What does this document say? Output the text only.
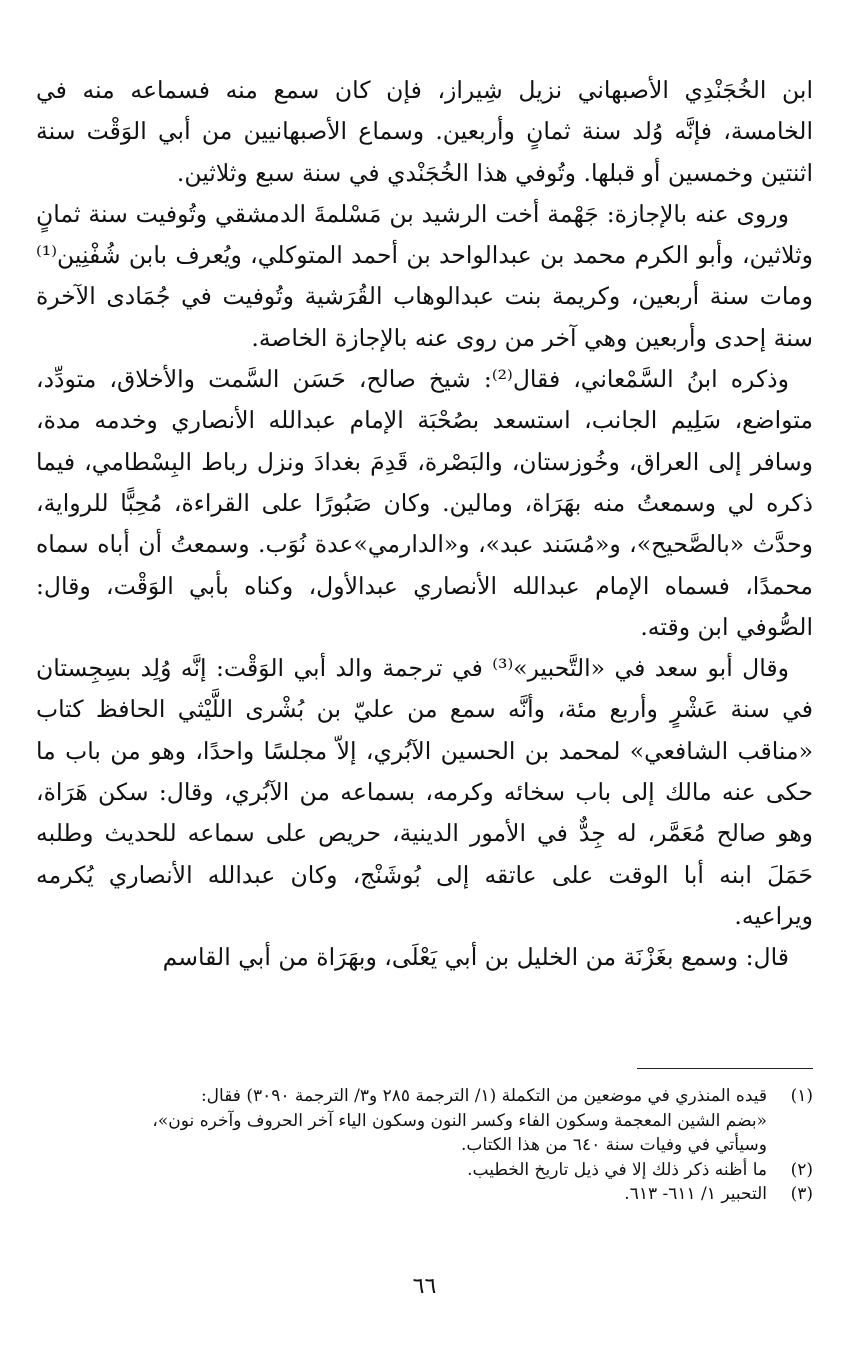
ابن الخُجَنْدِي الأصبهاني نزيل شِيراز، فإن كان سمع منه فسماعه منه في الخامسة، فإنَّه وُلد سنة ثمانٍ وأربعين. وسماع الأصبهانيين من أبي الوَقْت سنة اثنتين وخمسين أو قبلها. وتُوفي هذا الخُجَنْدي في سنة سبع وثلاثين.

وروى عنه بالإجازة: جَهْمة أخت الرشيد بن مَسْلمةَ الدمشقي وتُوفيت سنة ثمانٍ وثلاثين، وأبو الكرم محمد بن عبدالواحد بن أحمد المتوكلي، ويُعرف بابن شُفْنِين⁽¹⁾ ومات سنة أربعين، وكريمة بنت عبدالوهاب القُرَشية وتُوفيت في جُمَادى الآخرة سنة إحدى وأربعين وهي آخر من روى عنه بالإجازة الخاصة.

وذكره ابنُ السَّمْعاني، فقال⁽²⁾: شيخ صالح، حَسَن السَّمت والأخلاق، متودِّد، متواضع، سَلِيم الجانب، استسعد بصُحْبَة الإمام عبدالله الأنصاري وخدمه مدة، وسافر إلى العراق، وخُوزستان، والبَصْرة، قَدِمَ بغدادَ ونزل رباط البِسْطامي، فيما ذكره لي وسمعتُ منه بهَرَاة، ومالين. وكان صَبُورًا على القراءة، مُحِبًّا للرواية، وحدَّث «بالصَّحيح»، و«مُسَند عبد»، و«الدارمي»عدة نُوَب. وسمعتُ أن أباه سماه محمدًا، فسماه الإمام عبدالله الأنصاري عبدالأول، وكناه بأبي الوَقْت، وقال: الصُّوفي ابن وقته.

وقال أبو سعد في «التَّحبير»⁽³⁾ في ترجمة والد أبي الوَقْت: إنَّه وُلِد بسِجِستان في سنة عَشْرٍ وأربع مئة، وأنَّه سمع من عليّ بن بُشْرى اللَّيْثي الحافظ كتاب «مناقب الشافعي» لمحمد بن الحسين الآبُري، إلاّ مجلسًا واحدًا، وهو من باب ما حكى عنه مالك إلى باب سخائه وكرمه، بسماعه من الآبُري، وقال: سكن هَرَاة، وهو صالح مُعَمَّر، له جِدٌّ في الأمور الدينية، حريص على سماعه للحديث وطلبه حَمَلَ ابنه أبا الوقت على عاتقه إلى بُوشَنْج، وكان عبدالله الأنصاري يُكرمه ويراعيه.

قال: وسمع بغَزْنَة من الخليل بن أبي يَعْلَى، وبهَرَاة من أبي القاسم

(١)
قيده المنذري في موضعين من التكملة (١/ الترجمة ٢٨٥ و٣/ الترجمة ٣٠٩٠) فقال:
«بضم الشين المعجمة وسكون الفاء وكسر النون وسكون الياء آخر الحروف وآخره نون»،
وسيأتي في وفيات سنة ٦٤٠ من هذا الكتاب.
(٢)
ما أظنه ذكر ذلك إلا في ذيل تاريخ الخطيب.
(٣)
التحبير ١/ ٦١١- ٦١٣.
٦٦
